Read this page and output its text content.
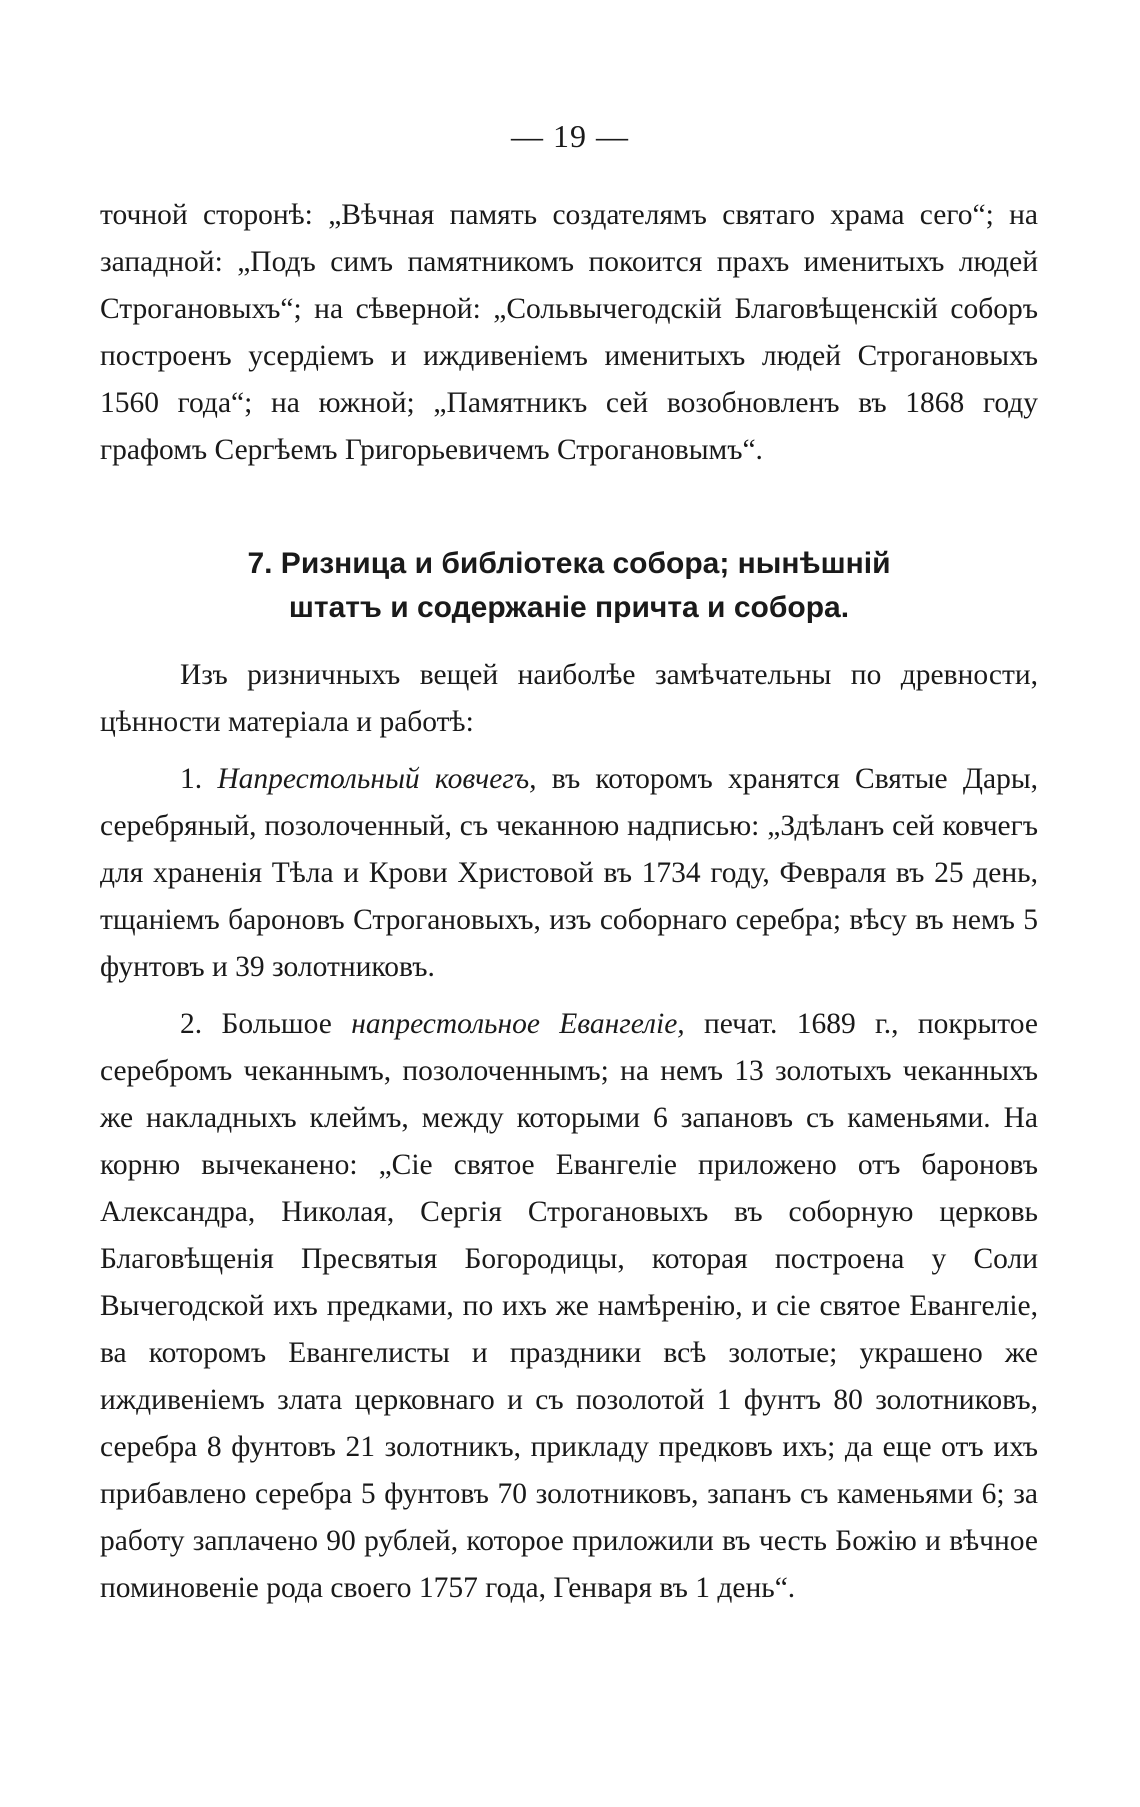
— 19 —

точной сторонѣ: „Вѣчная память создателямъ святаго храма сего“; на западной: „Подъ симъ памятникомъ покоится прахъ именитыхъ людей Строгановыхъ“; на сѣверной: „Сольвычегодскій Благовѣщенскій соборъ построенъ усердіемъ и иждивеніемъ именитыхъ людей Строгановыхъ 1560 года“; на южной; „Памятникъ сей возобновленъ въ 1868 году графомъ Сергѣемъ Григорьевичемъ Строгановымъ“.

7. Ризница и библіотека собора; нынѣшній
штатъ и содержаніе причта и собора.

Изъ ризничныхъ вещей наиболѣе замѣчательны по древности, цѣнности матеріала и работѣ:

1. Напрестольный ковчегъ, въ которомъ хранятся Святые Дары, серебряный, позолоченный, съ чеканною надписью: „Здѣланъ сей ковчегъ для храненія Тѣла и Крови Христовой въ 1734 году, Февраля въ 25 день, тщаніемъ бароновъ Строгановыхъ, изъ соборнаго серебра; вѣсу въ немъ 5 фунтовъ и 39 золотниковъ.

2. Большое напрестольное Евангеліе, печат. 1689 г., покрытое серебромъ чеканнымъ, позолоченнымъ; на немъ 13 золотыхъ чеканныхъ же накладныхъ клеймъ, между которыми 6 запановъ съ каменьями. На корню вычеканено: „Сіе святое Евангеліе приложено отъ бароновъ Александра, Николая, Сергія Строгановыхъ въ соборную церковь Благовѣщенія Пресвятыя Богородицы, которая построена у Соли Вычегодской ихъ предками, по ихъ же намѣренію, и сіе святое Евангеліе, ва которомъ Евангелисты и праздники всѣ золотые; украшено же иждивеніемъ злата церковнаго и съ позолотой 1 фунтъ 80 золотниковъ, серебра 8 фунтовъ 21 золотникъ, прикладу предковъ ихъ; да еще отъ ихъ прибавлено серебра 5 фунтовъ 70 золотниковъ, запанъ съ каменьями 6; за работу заплачено 90 рублей, которое приложили въ честь Божію и вѣчное поминовеніе рода своего 1757 года, Генваря въ 1 день“.
